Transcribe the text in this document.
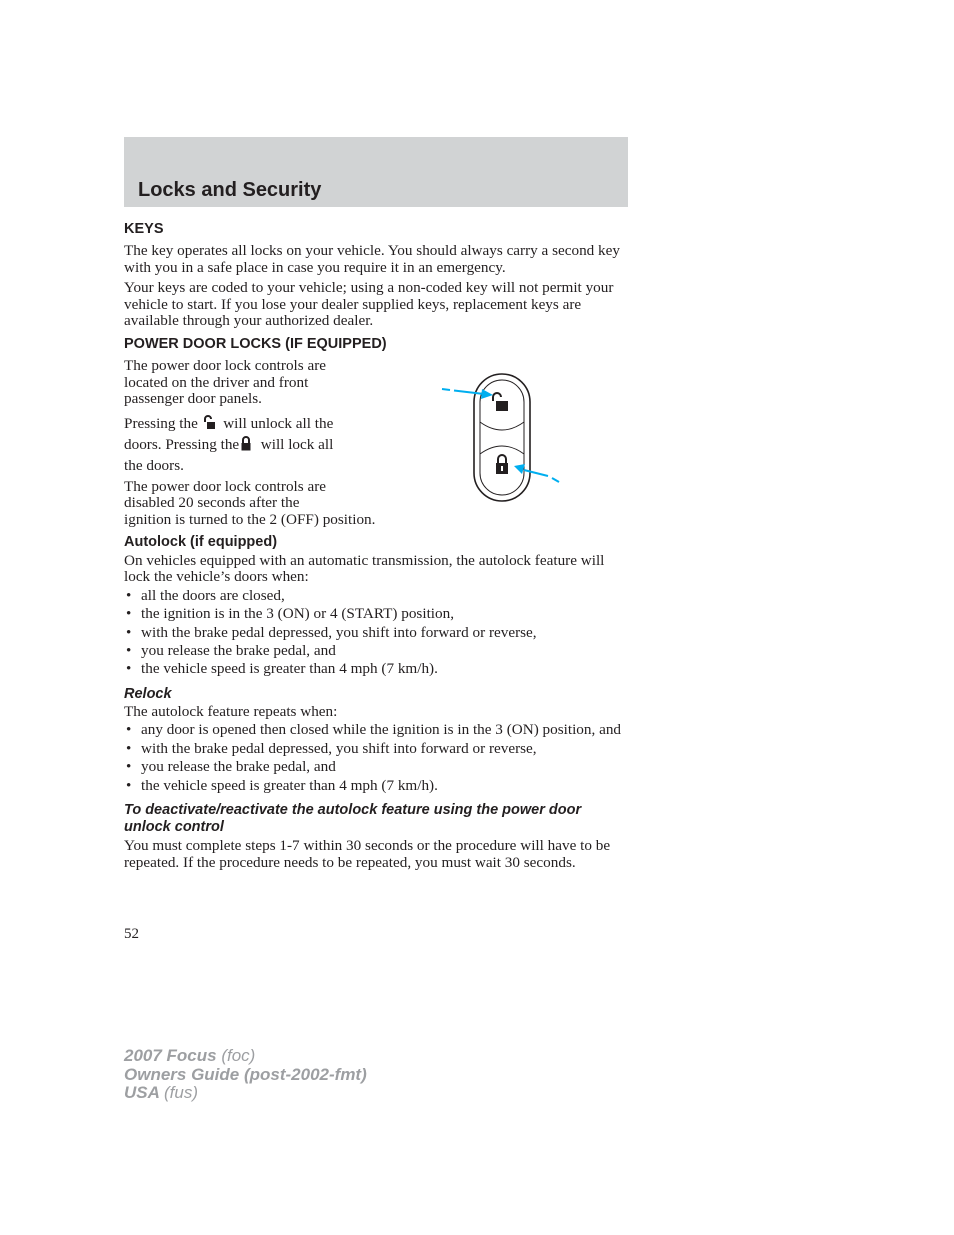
Locks and Security
KEYS

The key operates all locks on your vehicle. You should always carry a second key with you in a safe place in case you require it in an emergency.

Your keys are coded to your vehicle; using a non-coded key will not permit your vehicle to start. If you lose your dealer supplied keys, replacement keys are available through your authorized dealer.

POWER DOOR LOCKS (IF EQUIPPED)

The power door lock controls are
located on the driver and front
passenger door panels.

Pressing the will unlock all the
doors. Pressing the will lock all
the doors.

The power door lock controls are
disabled 20 seconds after the
ignition is turned to the 2 (OFF) position.

Autolock (if equipped)

On vehicles equipped with an automatic transmission, the autolock feature will lock the vehicle’s doors when:

• all the doors are closed,
• the ignition is in the 3 (ON) or 4 (START) position,
• with the brake pedal depressed, you shift into forward or reverse,
• you release the brake pedal, and
• the vehicle speed is greater than 4 mph (7 km/h).
Relock

The autolock feature repeats when:

• any door is opened then closed while the ignition is in the 3 (ON) position, and
• with the brake pedal depressed, you shift into forward or reverse,
• you release the brake pedal, and
• the vehicle speed is greater than 4 mph (7 km/h).
To deactivate/reactivate the autolock feature using the power door unlock control

You must complete steps 1-7 within 30 seconds or the procedure will have to be repeated. If the procedure needs to be repeated, you must wait 30 seconds.

52
2007 Focus (foc)
Owners Guide (post-2002-fmt)
USA (fus)
